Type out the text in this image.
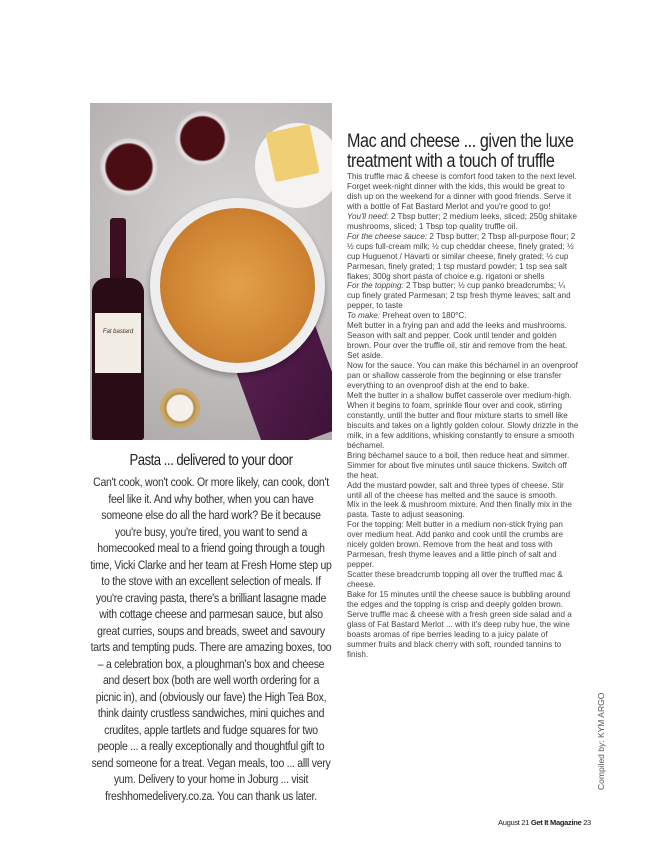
Fat bastard
Pasta ... delivered to your door
Can't cook, won't cook. Or more likely, can cook, don't feel like it. And why bother, when you can have someone else do all the hard work? Be it because you're busy, you're tired, you want to send a homecooked meal to a friend going through a tough time, Vicki Clarke and her team at Fresh Home step up to the stove with an excellent selection of meals. If you're craving pasta, there's a brilliant lasagne made with cottage cheese and parmesan sauce, but also great curries, soups and breads, sweet and savoury tarts and tempting puds. There are amazing boxes, too – a celebration box, a ploughman's box and cheese and desert box (both are well worth ordering for a picnic in), and (obviously our fave) the High Tea Box, think dainty crustless sandwiches, mini quiches and crudites, apple tartlets and fudge squares for two people ... a really exceptionally and thoughtful gift to send someone for a treat. Vegan meals, too ... alll very yum. Delivery to your home in Joburg ... visit freshhomedelivery.co.za. You can thank us later.
Mac and cheese ... given the luxe treatment with a touch of truffle

This truffle mac & cheese is comfort food taken to the next level. Forget week-night dinner with the kids, this would be great to dish up on the weekend for a dinner with good friends. Serve it with a bottle of Fat Bastard Merlot and you're good to go!

You'll need: 2 Tbsp butter; 2 medium leeks, sliced; 250g shiitake mushrooms, sliced; 1 Tbsp top quality truffle oil.

For the cheese sauce: 2 Tbsp butter; 2 Tbsp all-purpose flour; 2 ½ cups full-cream milk; ½ cup cheddar cheese, finely grated; ½ cup Huguenot / Havarti or similar cheese, finely grated; ½ cup Parmesan, finely grated; 1 tsp mustard powder; 1 tsp sea salt flakes; 300g short pasta of choice e.g. rigatoni or shells

For the topping: 2 Tbsp butter; ½ cup panko breadcrumbs; ¼ cup finely grated Parmesan; 2 tsp fresh thyme leaves; salt and pepper, to taste

To make: Preheat oven to 180°C.

Melt butter in a frying pan and add the leeks and mushrooms. Season with salt and pepper. Cook until tender and golden brown. Pour over the truffle oil, stir and remove from the heat. Set aside.

Now for the sauce. You can make this béchamel in an ovenproof pan or shallow casserole from the beginning or else transfer everything to an ovenproof dish at the end to bake.

Melt the butter in a shallow buffet casserole over medium-high. When it begins to foam, sprinkle flour over and cook, stirring constantly, until the butter and flour mixture starts to smell like biscuits and takes on a lightly golden colour. Slowly drizzle in the milk, in a few additions, whisking constantly to ensure a smooth béchamel.

Bring béchamel sauce to a boil, then reduce heat and simmer. Simmer for about five minutes until sauce thickens. Switch off the heat.

Add the mustard powder, salt and three types of cheese. Stir until all of the cheese has melted and the sauce is smooth.

Mix in the leek & mushroom mixture. And then finally mix in the pasta. Taste to adjust seasoning.

For the topping: Melt butter in a medium non-stick frying pan over medium heat. Add panko and cook until the crumbs are nicely golden brown. Remove from the heat and toss with Parmesan, fresh thyme leaves and a little pinch of salt and pepper.

Scatter these breadcrumb topping all over the truffled mac & cheese.

Bake for 15 minutes until the cheese sauce is bubbling around the edges and the topping is crisp and deeply golden brown.

Serve truffle mac & cheese with a fresh green side salad and a glass of Fat Bastard Merlot ... with it's deep ruby hue, the wine boasts aromas of ripe berries leading to a juicy palate of summer fruits and black cherry with soft, rounded tannins to finish.

Compiled by: KYM ARGO
August 21 Get It Magazine 23
